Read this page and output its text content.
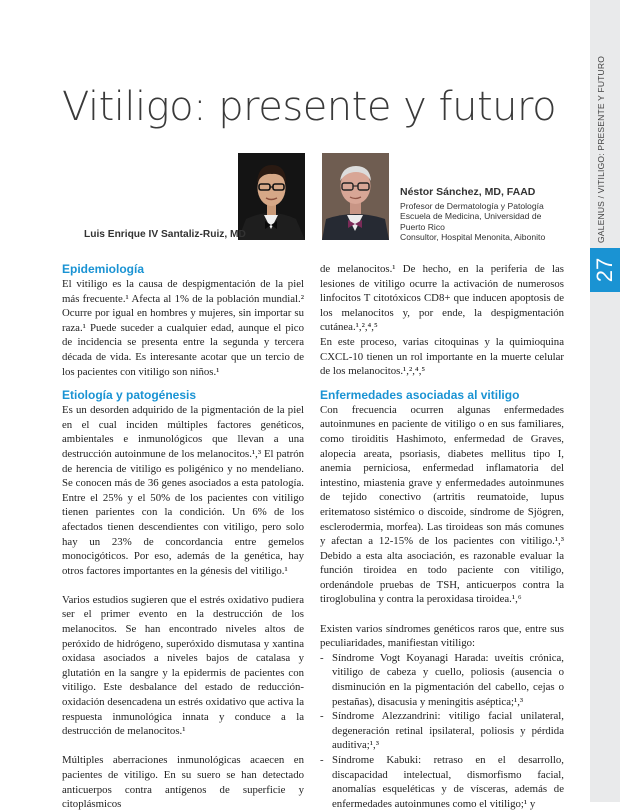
GALENUS / VITILIGO: PRESENTE Y FUTURO
27
Vitiligo: presente y futuro
Luis Enrique IV Santaliz-Ruiz, MD
Néstor Sánchez, MD, FAAD
Profesor de Dermatología y Patología
Escuela de Medicina, Universidad de
Puerto Rico
Consultor, Hospital Menonita, Aibonito
Epidemiología

El vitiligo es la causa de despigmentación de la piel más frecuente.¹ Afecta al 1% de la población mundial.² Ocurre por igual en hombres y mujeres, sin importar su raza.¹ Puede suceder a cualquier edad, aunque el pico de incidencia se presenta entre la segunda y tercera década de vida. Es interesante acotar que un tercio de los pacientes con vitiligo son niños.¹

Etiología y patogénesis

Es un desorden adquirido de la pigmentación de la piel en el cual inciden múltiples factores genéticos, ambientales e inmunológicos que llevan a una destrucción autoinmune de los melanocitos.¹,³ El patrón de herencia de vitiligo es poligénico y no mendeliano. Se conocen más de 36 genes asociados a esta patología. Entre el 25% y el 50% de los pacientes con vitiligo tienen parientes con la condición. Un 6% de los afectados tienen descendientes con vitiligo, pero solo hay un 23% de concordancia entre gemelos monocigóticos. Por eso, además de la genética, hay otros factores importantes en la génesis del vitiligo.¹

Varios estudios sugieren que el estrés oxidativo pudiera ser el primer evento en la destrucción de los melanocitos. Se han encontrado niveles altos de peróxido de hidrógeno, superóxido dismutasa y xantina oxidasa asociados a niveles bajos de catalasa y glutatión en la sangre y la epidermis de pacientes con vitiligo. Este desbalance del estado de reducción-oxidación desencadena un estrés oxidativo que activa la respuesta inmunológica innata y conduce a la destrucción de melanocitos.¹

Múltiples aberraciones inmunológicas acaecen en pacientes de vitiligo. En su suero se han detectado anticuerpos contra antígenos de superficie y citoplásmicos

de melanocitos.¹ De hecho, en la periferia de las lesiones de vitiligo ocurre la activación de numerosos linfocitos T citotóxicos CD8+ que inducen apoptosis de los melanocitos y, por ende, la despigmentación cutánea.¹,²,⁴,⁵

En este proceso, varias citoquinas y la quimioquina CXCL-10 tienen un rol importante en la muerte celular de los melanocitos.¹,²,⁴,⁵

Enfermedades asociadas al vitiligo

Con frecuencia ocurren algunas enfermedades autoinmunes en paciente de vitiligo o en sus familiares, como tiroiditis Hashimoto, enfermedad de Graves, alopecia areata, psoriasis, diabetes mellitus tipo I, anemia perniciosa, enfermedad inflamatoria del intestino, miastenia grave y enfermedades autoinmunes de tejido conectivo (artritis reumatoide, lupus eritematoso sistémico o discoide, síndrome de Sjögren, esclerodermia, morfea). Las tiroideas son más comunes y afectan a 12-15% de los pacientes con vitiligo.¹,³ Debido a esta alta asociación, es razonable evaluar la función tiroidea en todo paciente con vitiligo, ordenándole pruebas de TSH, anticuerpos contra la tiroglobulina y contra la peroxidasa tiroidea.¹,⁶

Existen varios síndromes genéticos raros que, entre sus peculiaridades, manifiestan vitiligo:

- Síndrome Vogt Koyanagi Harada: uveítis crónica, vitiligo de cabeza y cuello, poliosis (ausencia o disminución en la pigmentación del cabello, cejas o pestañas), disacusia y meningitis aséptica;¹,³
- Síndrome Alezzandrini: vitiligo facial unilateral, degeneración retinal ipsilateral, poliosis y pérdida auditiva;¹,³
- Síndrome Kabuki: retraso en el desarrollo, discapacidad intelectual, dismorfismo facial, anomalías esqueléticas y de vísceras, además de enfermedades autoinmunes como el vitiligo;¹ y
